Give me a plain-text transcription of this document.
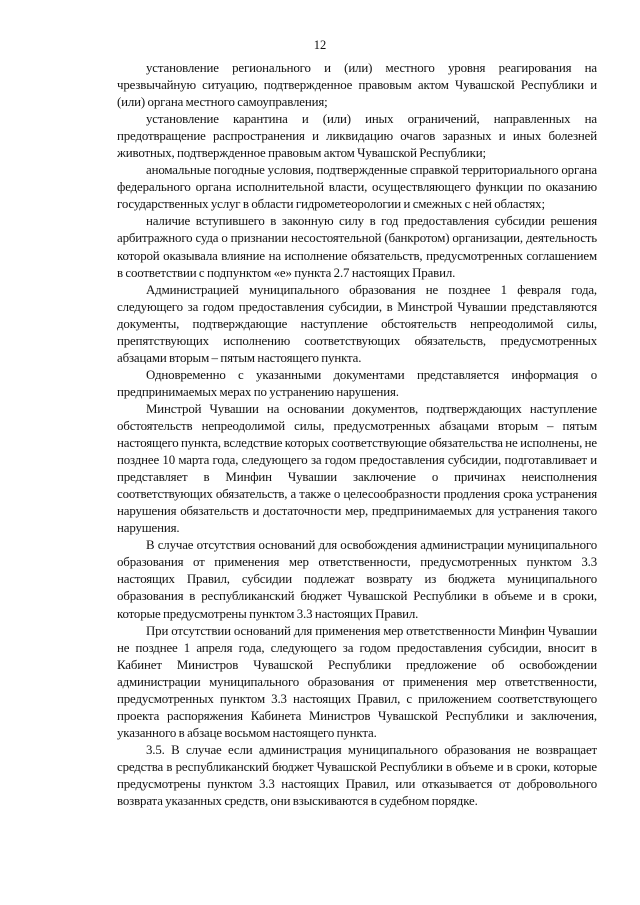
12

установление регионального и (или) местного уровня реагирования на чрезвычайную ситуацию, подтвержденное правовым актом Чувашской Республики и (или) органа местного самоуправления;

установление карантина и (или) иных ограничений, направленных на предотвращение распространения и ликвидацию очагов заразных и иных болезней животных, подтвержденное правовым актом Чувашской Республики;

аномальные погодные условия, подтвержденные справкой территориального органа федерального органа исполнительной власти, осуществляющего функции по оказанию государственных услуг в области гидрометеорологии и смежных с ней областях;

наличие вступившего в законную силу в год предоставления субсидии решения арбитражного суда о признании несостоятельной (банкротом) организации, деятельность которой оказывала влияние на исполнение обязательств, предусмотренных соглашением в соответствии с подпунктом «е» пункта 2.7 настоящих Правил.

Администрацией муниципального образования не позднее 1 февраля года, следующего за годом предоставления субсидии, в Минстрой Чувашии представляются документы, подтверждающие наступление обстоятельств непреодолимой силы, препятствующих исполнению соответствующих обязательств, предусмотренных абзацами вторым – пятым настоящего пункта.

Одновременно с указанными документами представляется информация о предпринимаемых мерах по устранению нарушения.

Минстрой Чувашии на основании документов, подтверждающих наступление обстоятельств непреодолимой силы, предусмотренных абзацами вторым – пятым настоящего пункта, вследствие которых соответствующие обязательства не исполнены, не позднее 10 марта года, следующего за годом предоставления субсидии, подготавливает и представляет в Минфин Чувашии заключение о причинах неисполнения соответствующих обязательств, а также о целесообразности продления срока устранения нарушения обязательств и достаточности мер, предпринимаемых для устранения такого нарушения.

В случае отсутствия оснований для освобождения администрации муниципального образования от применения мер ответственности, предусмотренных пунктом 3.3 настоящих Правил, субсидии подлежат возврату из бюджета муниципального образования в республиканский бюджет Чувашской Республики в объеме и в сроки, которые предусмотрены пунктом 3.3 настоящих Правил.

При отсутствии оснований для применения мер ответственности Минфин Чувашии не позднее 1 апреля года, следующего за годом предоставления субсидии, вносит в Кабинет Министров Чувашской Республики предложение об освобождении администрации муниципального образования от применения мер ответственности, предусмотренных пунктом 3.3 настоящих Правил, с приложением соответствующего проекта распоряжения Кабинета Министров Чувашской Республики и заключения, указанного в абзаце восьмом настоящего пункта.

3.5. В случае если администрация муниципального образования не возвращает средства в республиканский бюджет Чувашской Республики в объеме и в сроки, которые предусмотрены пунктом 3.3 настоящих Правил, или отказывается от добровольного возврата указанных средств, они взыскиваются в судебном порядке.
